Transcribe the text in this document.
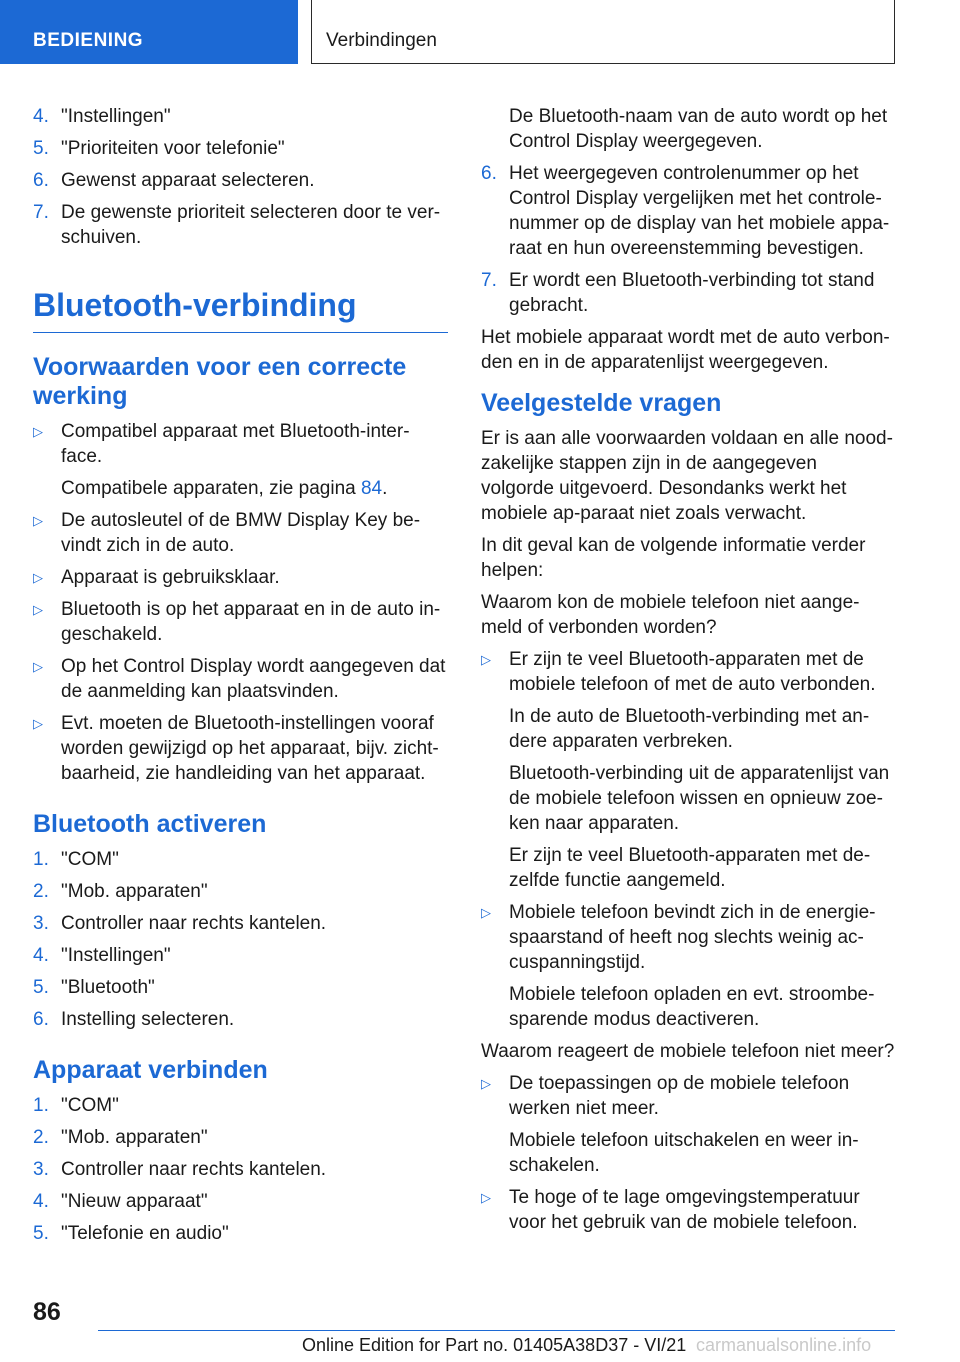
BEDIENING	Verbindingen
4. "Instellingen"
5. "Prioriteiten voor telefonie"
6. Gewenst apparaat selecteren.
7. De gewenste prioriteit selecteren door te ver-schuiven.
Bluetooth-verbinding
Voorwaarden voor een correcte werking
▷ Compatibel apparaat met Bluetooth-inter-face.
Compatibele apparaten, zie pagina 84.
▷ De autosleutel of de BMW Display Key be-vindt zich in de auto.
▷ Apparaat is gebruiksklaar.
▷ Bluetooth is op het apparaat en in de auto in-geschakeld.
▷ Op het Control Display wordt aangegeven dat de aanmelding kan plaatsvinden.
▷ Evt. moeten de Bluetooth-instellingen vooraf worden gewijzigd op het apparaat, bijv. zicht-baarheid, zie handleiding van het apparaat.
Bluetooth activeren
1. "COM"
2. "Mob. apparaten"
3. Controller naar rechts kantelen.
4. "Instellingen"
5. "Bluetooth"
6. Instelling selecteren.
Apparaat verbinden
1. "COM"
2. "Mob. apparaten"
3. Controller naar rechts kantelen.
4. "Nieuw apparaat"
5. "Telefonie en audio"
De Bluetooth-naam van de auto wordt op het Control Display weergegeven.
6. Het weergegeven controlenummer op het Control Display vergelijken met het controle-nummer op de display van het mobiele appa-raat en hun overeenstemming bevestigen.
7. Er wordt een Bluetooth-verbinding tot stand gebracht.
Het mobiele apparaat wordt met de auto verbon-den en in de apparatenlijst weergegeven.
Veelgestelde vragen
Er is aan alle voorwaarden voldaan en alle nood-zakelijke stappen zijn in de aangegeven volgorde uitgevoerd. Desondanks werkt het mobiele ap-paraat niet zoals verwacht.
In dit geval kan de volgende informatie verder helpen:
Waarom kon de mobiele telefoon niet aange-meld of verbonden worden?
▷ Er zijn te veel Bluetooth-apparaten met de mobiele telefoon of met de auto verbonden.
In de auto de Bluetooth-verbinding met an-dere apparaten verbreken.
Bluetooth-verbinding uit de apparatenlijst van de mobiele telefoon wissen en opnieuw zoe-ken naar apparaten.
Er zijn te veel Bluetooth-apparaten met de-zelfde functie aangemeld.
▷ Mobiele telefoon bevindt zich in de energie-spaarstand of heeft nog slechts weinig ac-cuspanningstijd.
Mobiele telefoon opladen en evt. stroombe-sparende modus deactiveren.
Waarom reageert de mobiele telefoon niet meer?
▷ De toepassingen op de mobiele telefoon werken niet meer.
Mobiele telefoon uitschakelen en weer in-schakelen.
▷ Te hoge of te lage omgevingstemperatuur voor het gebruik van de mobiele telefoon.
86
Online Edition for Part no. 01405A38D37 - VI/21 carmanualsonline.info
